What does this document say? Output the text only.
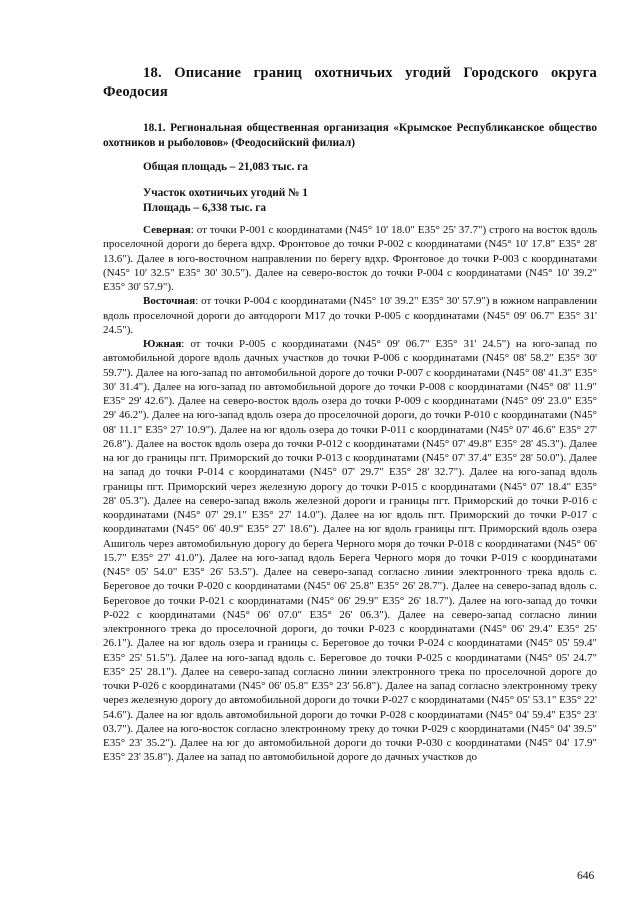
18. Описание границ охотничьих угодий Городского округа Феодосия
18.1. Региональная общественная организация «Крымское Республиканское общество охотников и рыболовов» (Феодосийский филиал)

Общая площадь – 21,083 тыс. га

Участок охотничьих угодий № 1

Площадь – 6,338 тыс. га

Северная: от точки Р-001 с координатами (N45° 10' 18.0" E35° 25' 37.7") строго на восток вдоль проселочной дороги до берега вдхр. Фронтовое до точки Р-002 с координатами (N45° 10' 17.8" E35° 28' 13.6"). Далее в юго-восточном направлении по берегу вдхр. Фронтовое до точки Р-003 с координатами (N45° 10' 32.5" E35° 30' 30.5"). Далее на северо-восток до точки Р-004 с координатами (N45° 10' 39.2" E35° 30' 57.9").

Восточная: от точки Р-004 с координатами (N45° 10' 39.2" E35° 30' 57.9") в южном направлении вдоль проселочной дороги до автодороги М17 до точки Р-005 с координатами (N45° 09' 06.7" E35° 31' 24.5").

Южная: от точки Р-005 с координатами (N45° 09' 06.7" E35° 31' 24.5") на юго-запад по автомобильной дороге вдоль дачных участков до точки Р-006 с координатами (N45° 08' 58.2" E35° 30' 59.7"). Далее на юго-запад по автомобильной дороге до точки Р-007 с координатами (N45° 08' 41.3" E35° 30' 31.4"). Далее на юго-запад по автомобильной дороге до точки Р-008 с координатами (N45° 08' 11.9" E35° 29' 42.6"). Далее на северо-восток вдоль озера до точки Р-009 с координатами (N45° 09' 23.0" E35° 29' 46.2"). Далее на юго-запад вдоль озера до проселочной дороги, до точки Р-010 с координатами (N45° 08' 11.1" E35° 27' 10.9"). Далее на юг вдоль озера до точки Р-011 с координатами (N45° 07' 46.6" E35° 27' 26.8"). Далее на восток вдоль озера до точки Р-012 с координатами (N45° 07' 49.8" E35° 28' 45.3"). Далее на юг до границы пгт. Приморский до точки Р-013 с координатами (N45° 07' 37.4" E35° 28' 50.0"). Далее на запад до точки Р-014 с координатами (N45° 07' 29.7" E35° 28' 32.7"). Далее на юго-запад вдоль границы пгт. Приморский через железную дорогу до точки Р-015 с координатами (N45° 07' 18.4" E35° 28' 05.3"). Далее на северо-запад вжоль железной дороги и границы пгт. Приморский до точки Р-016 с координатами (N45° 07' 29.1" E35° 27' 14.0"). Далее на юг вдоль пгт. Приморский до точки Р-017 с координатами (N45° 06' 40.9" E35° 27' 18.6"). Далее на юг вдоль границы пгт. Приморский вдоль озера Ашиголь через автомобильную дорогу до берега Черного моря до точки Р-018 с координатами (N45° 06' 15.7" E35° 27' 41.0"). Далее на юго-запад вдоль Берега Черного моря до точки Р-019 с координатами (N45° 05' 54.0" E35° 26' 53.5"). Далее на северо-запад согласно линии электронного трека вдоль с. Береговое до точки Р-020 с координатами (N45° 06' 25.8" E35° 26' 28.7"). Далее на северо-запад вдоль с. Береговое до точки Р-021 с координатами (N45° 06' 29.9" E35° 26' 18.7"). Далее на юго-запад до точки Р-022 с координатами (N45° 06' 07.0" E35° 26' 06.3"). Далее на северо-запад согласно линии электронного трека до проселочной дороги, до точки Р-023 с координатами (N45° 06' 29.4" E35° 25' 26.1"). Далее на юг вдоль озера и границы с. Береговое до точки Р-024 с координатами (N45° 05' 59.4" E35° 25' 51.5"). Далее на юго-запад вдоль с. Береговое до точки Р-025 с координатами (N45° 05' 24.7" E35° 25' 28.1"). Далее на северо-запад согласно линии электронного трека по проселочной дороге до точки Р-026 с координатами (N45° 06' 05.8" E35° 23' 56.8"). Далее на запад согласно электронному треку через железную дорогу до автомобильной дороги до точки Р-027 с координатами (N45° 05' 53.1" E35° 22' 54.6"). Далее на юг вдоль автомобильной дороги до точки Р-028 с координатами (N45° 04' 59.4" E35° 23' 03.7"). Далее на юго-восток согласно электронному треку до точки Р-029 с координатами (N45° 04' 39.5" E35° 23' 35.2"). Далее на юг до автомобильной дороги до точки Р-030 с координатами (N45° 04' 17.9" E35° 23' 35.8"). Далее на запад по автомобильной дороге до дачных участков до

646
